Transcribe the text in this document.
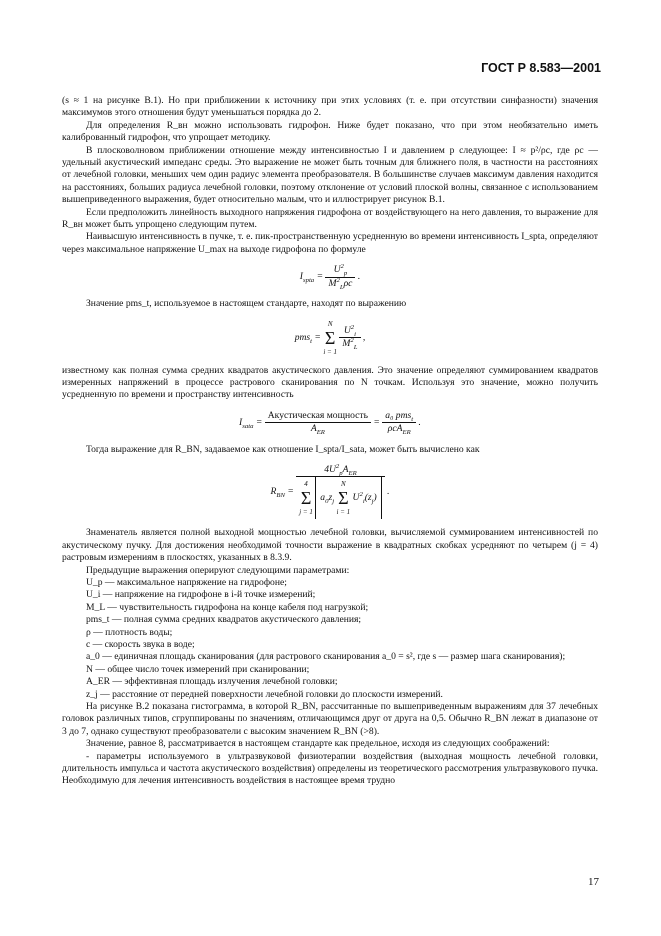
ГОСТ Р 8.583—2001

(s ≈ 1 на рисунке В.1). Но при приближении к источнику при этих условиях (т. е. при отсутствии синфазности) значения максимумов этого отношения будут уменьшаться порядка до 2.

Для определения R_вн можно использовать гидрофон. Ниже будет показано, что при этом необязательно иметь калиброванный гидрофон, что упрощает методику.

В плосковолновом приближении отношение между интенсивностью I и давлением p следующее: I ≈ p²/ρc, где ρc — удельный акустический импеданс среды. Это выражение не может быть точным для ближнего поля, в частности на расстояниях от лечебной головки, меньших чем один радиус элемента преобразователя. В большинстве случаев максимум давления находится на расстояниях, больших радиуса лечебной головки, поэтому отклонение от условий плоской волны, связанное с использованием вышеприведенного выражения, будет относительно малым, что и иллюстрирует рисунок В.1.

Если предположить линейность выходного напряжения гидрофона от воздействующего на него давления, то выражение для R_вн может быть упрощено следующим путем.

Наивысшую интенсивность в пучке, т. е. пик-пространственную усредненную во времени интенсивность I_sptа, определяют через максимальное напряжение U_max на выходе гидрофона по формуле

$I_{sptа} = \frac{U^2_p}{M^2_L\rho c}$ .

Значение pms_t, используемое в настоящем стандарте, находят по выражению

pms$_t$ = N
Σ
i = 1
$\frac{U^2_i}{M^2_L}$ ,

известному как полная сумма средних квадратов акустического давления. Это значение определяют суммированием квадратов измеренных напряжений в процессе растрового сканирования по N точкам. Используя это значение, можно получить усредненную по времени и пространству интенсивность

$I_{sata} = \frac{\text{Акустическая мощность}}{A_{ER}} = \frac{a_0 pms_t}{\rho cA_{ER}}$ .

Тогда выражение для R_BN, задаваемое как отношение I_sptа/I_sata, может быть вычислено как

$R_{BN}$ =
$4U^2_pA_{ER}$
4
Σ
j = 1 $a_0z_j$ N
Σ
i = 1 $U^2_i(z_j)$
.

Знаменатель является полной выходной мощностью лечебной головки, вычисляемой суммированием интенсивностей по акустическому пучку. Для достижения необходимой точности выражение в квадратных скобках усредняют по четырем (j = 4) растровым измерениям в плоскостях, указанных в 8.3.9.

Предыдущие выражения оперируют следующими параметрами:

U_p — максимальное напряжение на гидрофоне;

U_i — напряжение на гидрофоне в i-й точке измерений;

M_L — чувствительность гидрофона на конце кабеля под нагрузкой;

pms_t — полная сумма средних квадратов акустического давления;

ρ — плотность воды;

c — скорость звука в воде;

a_0 — единичная площадь сканирования (для растрового сканирования a_0 = s², где s — размер шага сканирования);

N — общее число точек измерений при сканировании;

A_ER — эффективная площадь излучения лечебной головки;

z_j — расстояние от передней поверхности лечебной головки до плоскости измерений.

На рисунке В.2 показана гистограмма, в которой R_BN, рассчитанные по вышеприведенным выражениям для 37 лечебных головок различных типов, сгруппированы по значениям, отличающимся друг от друга на 0,5. Обычно R_BN лежат в диапазоне от 3 до 7, однако существуют преобразователи с высоким значением R_BN (>8).

Значение, равное 8, рассматривается в настоящем стандарте как предельное, исходя из следующих соображений:

- параметры используемого в ультразвуковой физиотерапии воздействия (выходная мощность лечебной головки, длительность импульса и частота акустического воздействия) определены из теоретического рассмотрения ультразвукового пучка. Необходимую для лечения интенсивность воздействия в настоящее время трудно

17
